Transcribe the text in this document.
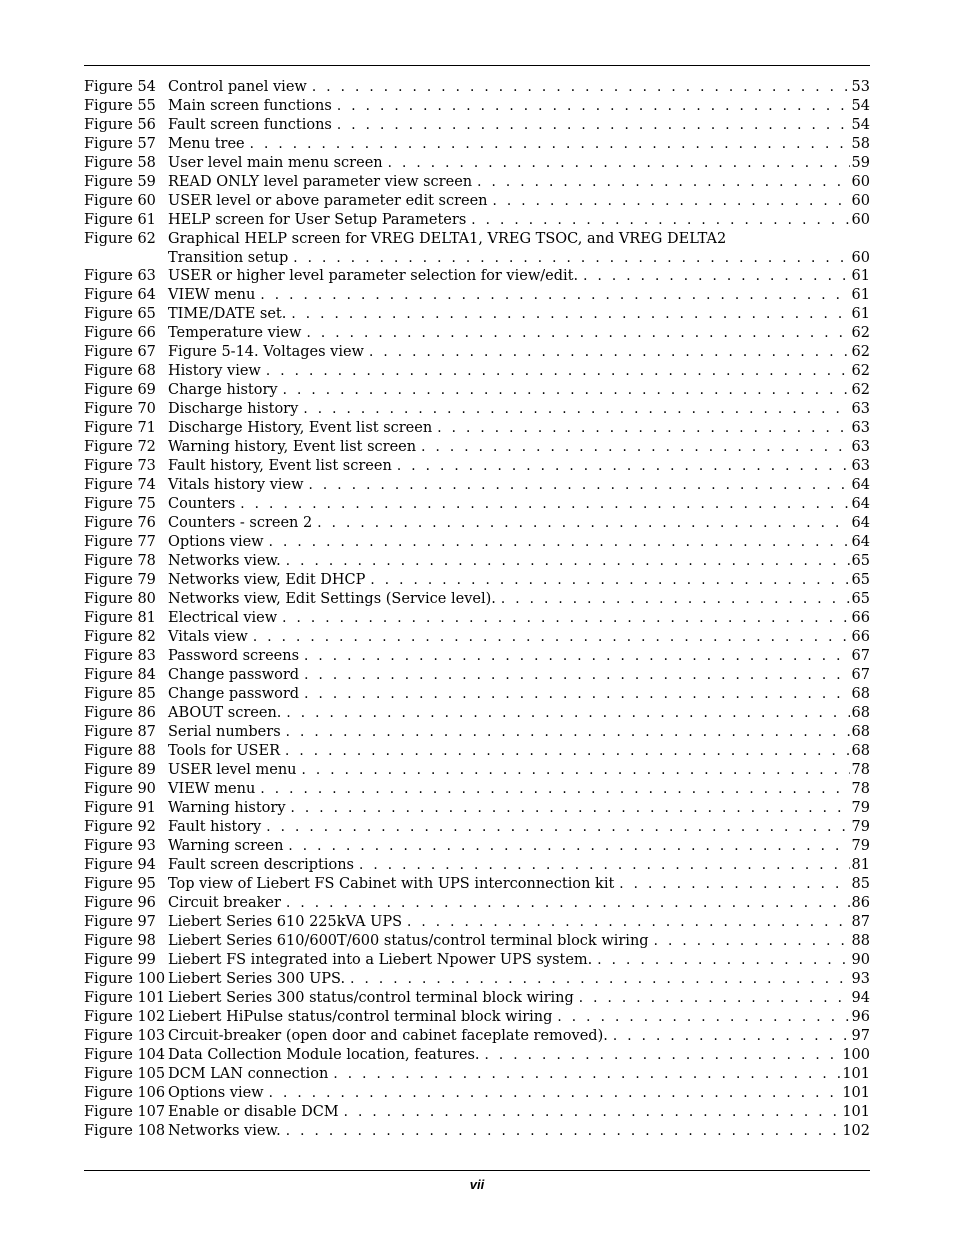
Figure 54 Control panel view . . .	53
Figure 55 Main screen functions . . .	54
Figure 56 Fault screen functions . . .	54
Figure 57 Menu tree . . .	58
Figure 58 User level main menu screen . . .	59
Figure 59 READ ONLY level parameter view screen . . .	60
Figure 60 USER level or above parameter edit screen . . .	60
Figure 61 HELP screen for User Setup Parameters . . .	60
Figure 62 Graphical HELP screen for VREG DELTA1, VREG TSOC, and VREG DELTA2
Transition setup . . .	60
Figure 63 USER or higher level parameter selection for view/edit. . . .	61
Figure 64 VIEW menu . . .	61
Figure 65 TIME/DATE set. . . .	61
Figure 66 Temperature view . . .	62
Figure 67 Figure 5-14. Voltages view . . .	62
Figure 68 History view . . .	62
Figure 69 Charge history . . .	62
Figure 70 Discharge history . . .	63
Figure 71 Discharge History, Event list screen . . .	63
Figure 72 Warning history, Event list screen . . .	63
Figure 73 Fault history, Event list screen . . .	63
Figure 74 Vitals history view . . .	64
Figure 75 Counters . . .	64
Figure 76 Counters - screen 2 . . .	64
Figure 77 Options view . . .	64
Figure 78 Networks view. . . .	65
Figure 79 Networks view, Edit DHCP . . .	65
Figure 80 Networks view, Edit Settings (Service level). . . .	65
Figure 81 Electrical view . . .	66
Figure 82 Vitals view . . .	66
Figure 83 Password screens . . .	67
Figure 84 Change password . . .	67
Figure 85 Change password . . .	68
Figure 86 ABOUT screen. . . .	68
Figure 87 Serial numbers . . .	68
Figure 88 Tools for USER . . .	68
Figure 89 USER level menu . . .	78
Figure 90 VIEW menu . . .	78
Figure 91 Warning history . . .	79
Figure 92 Fault history . . .	79
Figure 93 Warning screen . . .	79
Figure 94 Fault screen descriptions . . .	81
Figure 95 Top view of Liebert FS Cabinet with UPS interconnection kit . . .	85
Figure 96 Circuit breaker . . .	86
Figure 97 Liebert Series 610 225kVA UPS . . .	87
Figure 98 Liebert Series 610/600T/600 status/control terminal block wiring . . .	88
Figure 99 Liebert FS integrated into a Liebert Npower UPS system. . . .	90
Figure 100 Liebert Series 300 UPS. . . .	93
Figure 101 Liebert Series 300 status/control terminal block wiring . . .	94
Figure 102 Liebert HiPulse status/control terminal block wiring . . .	96
Figure 103 Circuit-breaker (open door and cabinet faceplate removed). . . .	97
Figure 104 Data Collection Module location, features. . . .	100
Figure 105 DCM LAN connection . . .	101
Figure 106 Options view . . .	101
Figure 107 Enable or disable DCM . . .	101
Figure 108 Networks view. . . .	102
vii
